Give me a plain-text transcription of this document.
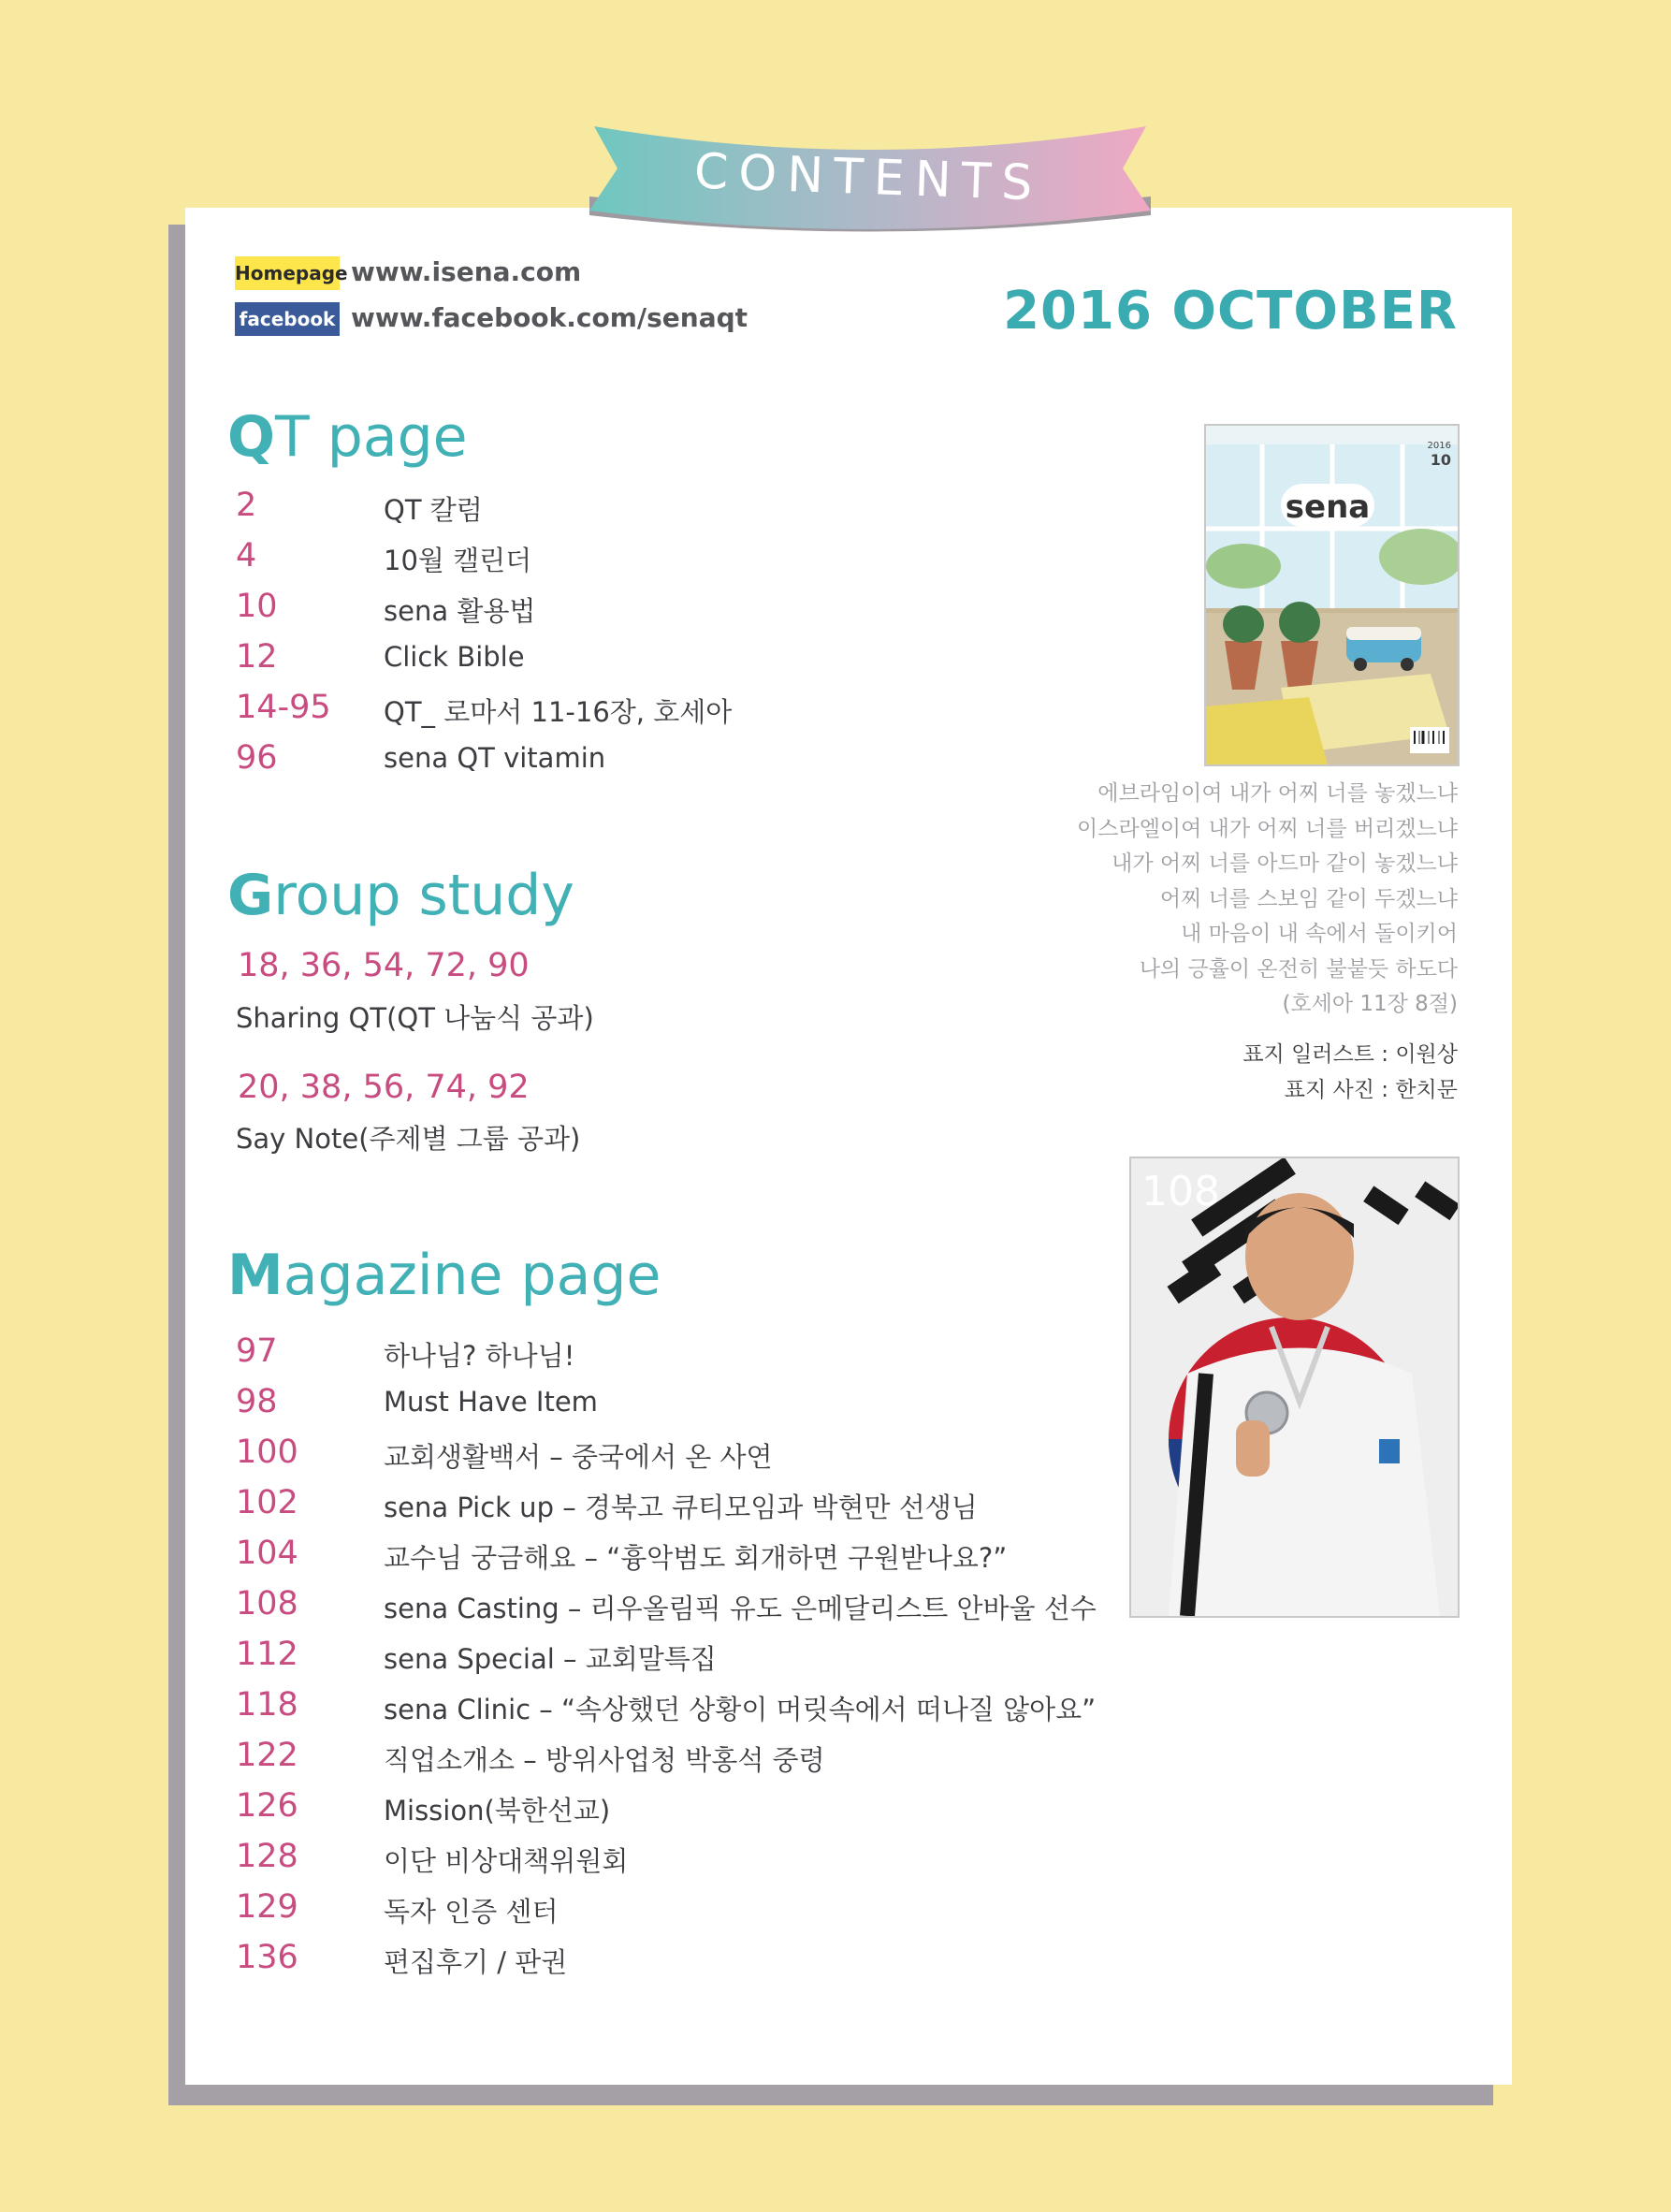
CONTENTS
Homepage www.isena.com
facebook www.facebook.com/senaqt	2016 OCTOBER
QT page
2	QT 칼럼
4	10월 캘린더
10	sena 활용법
12	Click Bible
14-95 QT_ 로마서 11-16장, 호세아
96	sena QT vitamin
Group study
18, 36, 54, 72, 90
Sharing QT(QT 나눔식 공과)
20, 38, 56, 74, 92
Say Note(주제별 그룹 공과)
Magazine page
97	하나님? 하나님!
98	Must Have Item
100	교회생활백서 – 중국에서 온 사연
102	sena Pick up – 경북고 큐티모임과 박현만 선생님
104	교수님 궁금해요 – “흉악범도 회개하면 구원받나요?”
108	sena Casting – 리우올림픽 유도 은메달리스트 안바울 선수
112	sena Special – 교회말특집
118	sena Clinic – “속상했던 상황이 머릿속에서 떠나질 않아요”
122	직업소개소 – 방위사업청 박홍석 중령
126	Mission(북한선교)
128	이단 비상대책위원회
129	독자 인증 센터
136	편집후기 / 판권
sena
2016
10
에브라임이여 내가 어찌 너를 놓겠느냐
이스라엘이여 내가 어찌 너를 버리겠느냐
내가 어찌 너를 아드마 같이 놓겠느냐
어찌 너를 스보임 같이 두겠느냐
내 마음이 내 속에서 돌이키어
나의 긍휼이 온전히 불붙듯 하도다
(호세아 11장 8절)
표지 일러스트 : 이원상
표지 사진 : 한치문
108
